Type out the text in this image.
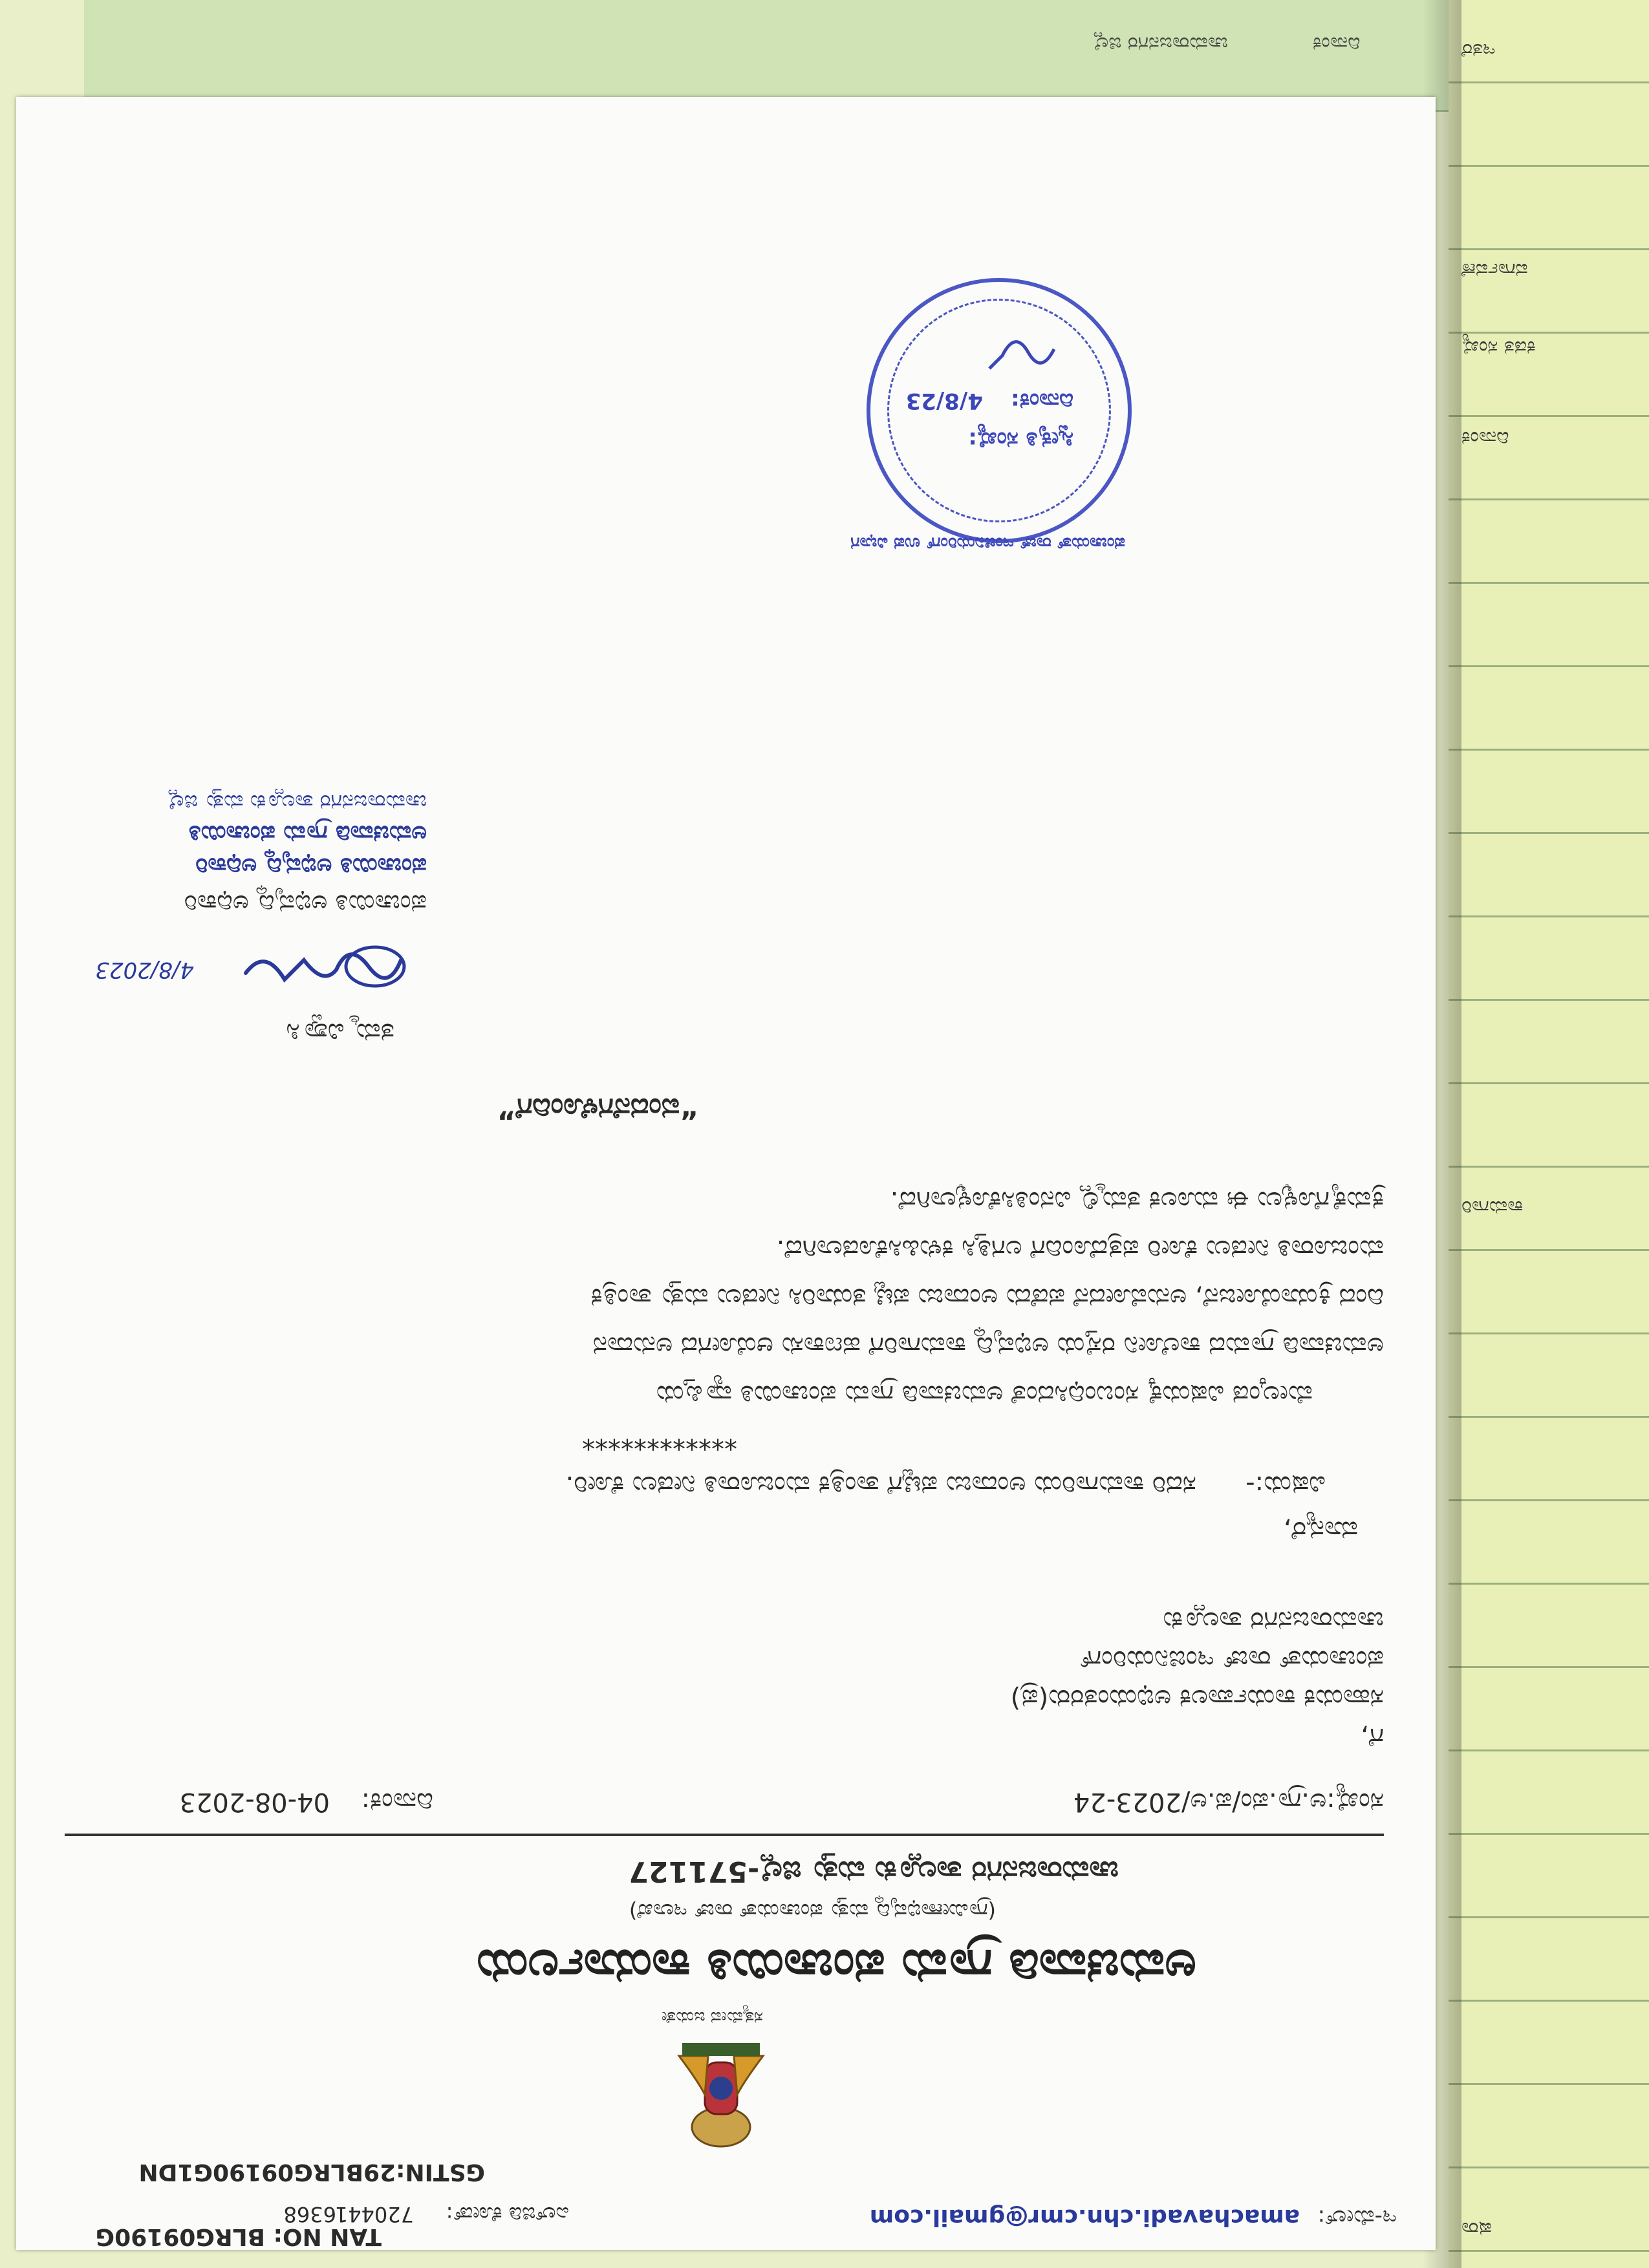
ಚಾಮರಾಜನಗರ ಜಿಲ್ಲೆ	ದಿನಾಂಕ	ಇತರೆ
ವರ್ಗಾವಣೆ
ಕಡತ ಸಂಖ್ಯೆ
ದಿನಾಂಕ
ಕಾಮಗಾರಿ
ಷರಾ
ಇ-ಮೇಲ್:
amachavadi.chn.cmr@gmail.com
ಎಲ್‌ಜಿಡಿ ಕೋಡ್:
720441
6368
GSTIN:29BLRG09190G1DN
TAN NO: BLRG09190G
ಸತ್ಯಮೇವ ಜಯತೇ
ಅಮಚವಾಡಿ ಗ್ರಾಮ ಪಂಚಾಯಿತಿ ಕಾರ್ಯಾಲಯ
(ಗ್ರಾಮೀಣಾಭಿವೃದ್ಧಿ ಮತ್ತು ಪಂಚಾಯತ್ ರಾಜ್ ಇಲಾಖೆ)
ಚಾಮರಾಜನಗರ ತಾಲ್ಲೂಕು ಮತ್ತು ಜಿಲ್ಲೆ-571127
ಸಂಖ್ಯೆ:ಅ.ಗ್ರಾ.ಪಂ/ಪ.ಅ/2023-24
ದಿನಾಂಕ:
04-08-2023
ಗೆ,
ಸಹಾಯಕ ಕಾರ್ಯಪಾಲಕ ಅಭಿಯಂತರರು(ಪ್ರ)
ಪಂಚಾಯತ್‌ ರಾಜ್ ಇಂಜಿನಿಯರಿಂಗ್
ಚಾಮರಾಜನಗರ ತಾಲ್ಲೂಕು
ಮಾನ್ಯರೆ,
ವಿಷಯ:-
ಸದರಿ ಕಾಮಗಾರಿಯ ಅಂದಾಜು ಪಟ್ಟಿಗೆ ತಾಂತ್ರಿಕ ಮಂಜೂರಾತಿ ನೀಡಲು ಕೋರಿ.
************
ಮೇಲ್ಕಂಡ ವಿಷಯಕ್ಕೆ ಸಂಬಂಧಿಸಿದಂತೆ ಅಮಚವಾಡಿ ಗ್ರಾಮ ಪಂಚಾಯಿತಿ ವ್ಯಾಪ್ತಿಯ
ಅಮಚವಾಡಿ ಗ್ರಾಮದ ಕಾಲೋನಿ ರಸ್ತೆಯ ಅಭಿವೃದ್ಧಿ ಕಾಮಗಾರಿಗೆ ಹಣಕಾಸು ಆಯೋಗದ ಅನುದಾನ
ದಿಂದ ಕ್ರಿಯಾಯೋಜನೆ, ಅನುಮೋದನೆ ಪಡೆದು ಅಂದಾಜು ಪಟ್ಟಿ ತಯಾರಿಸಿ ನೀಡಲು ಮತ್ತು ತಾಂತ್ರಿಕ
ಮಂಜೂರಾತಿ ನೀಡಲು ಕೋರಿ ಪತ್ರದೊಂದಿಗೆ ಲಗತ್ತಿಸಿ ಕಳುಹಿಸಿಕೊಡಲಾಗಿದೆ.
ಕ್ರಮಕೈಗೊಳ್ಳಲು ಈ ಮೂಲಕ ತಮ್ಮಲ್ಲಿ ವಿನಂತಿಸಿಕೊಳ್ಳಲಾಗಿದೆ.
“ವಂದನೆಗಳೊಂದಿಗೆ”
ತಮ್ಮ ವಿಶ್ವಾಸಿ
4/8/2023
ಪಂಚಾಯಿತಿ ಅಭಿವೃದ್ಧಿ ಅಧಿಕಾರಿ
ಪಂಚಾಯಿತಿ ಅಭಿವೃದ್ಧಿ ಅಧಿಕಾರಿ
ಅಮಚವಾಡಿ ಗ್ರಾಮ ಪಂಚಾಯಿತಿ
ಚಾಮರಾಜನಗರ ತಾಲ್ಲೂಕು ಮತ್ತು ಜಿಲ್ಲೆ
ಪಂಚಾಯತ್ ರಾಜ್ ಇಂಜಿನಿಯರಿಂಗ್ ಉಪ ವಿಭಾಗ
ಸ್ವೀಕೃತಿ ಸಂಖ್ಯೆ:
ದಿನಾಂಕ:
4/8/23
